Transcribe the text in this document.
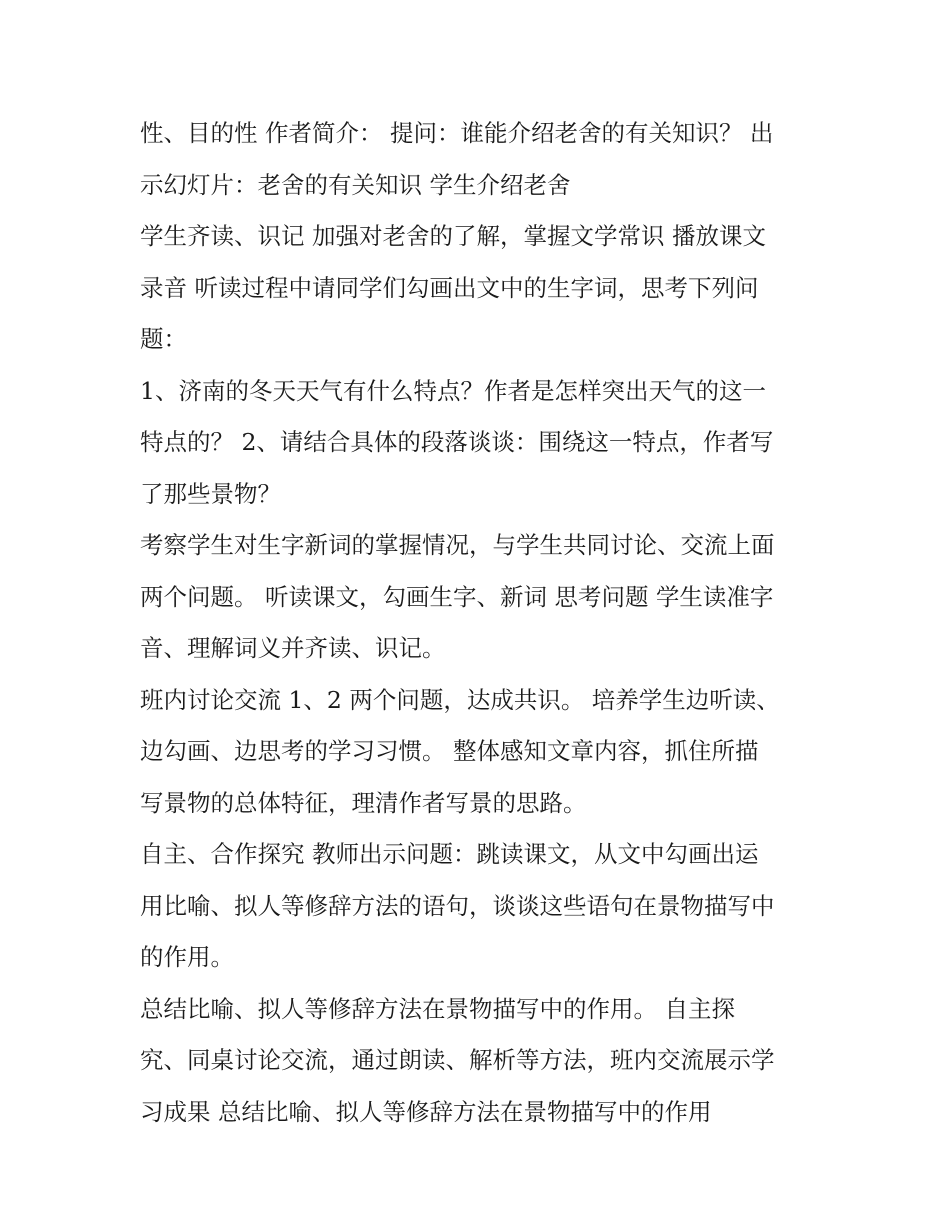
性、目的性 作者简介： 提问：谁能介绍老舍的有关知识？ 出
示幻灯片：老舍的有关知识 学生介绍老舍
学生齐读、识记 加强对老舍的了解，掌握文学常识 播放课文
录音 听读过程中请同学们勾画出文中的生字词，思考下列问
题：
1、济南的冬天天气有什么特点？作者是怎样突出天气的这一
特点的？ 2、请结合具体的段落谈谈：围绕这一特点，作者写
了那些景物？
考察学生对生字新词的掌握情况，与学生共同讨论、交流上面
两个问题。 听读课文，勾画生字、新词 思考问题 学生读准字
音、理解词义并齐读、识记。
班内讨论交流 1、2 两个问题，达成共识。 培养学生边听读、
边勾画、边思考的学习习惯。 整体感知文章内容，抓住所描
写景物的总体特征，理清作者写景的思路。
自主、合作探究 教师出示问题：跳读课文，从文中勾画出运
用比喻、拟人等修辞方法的语句，谈谈这些语句在景物描写中
的作用。
总结比喻、拟人等修辞方法在景物描写中的作用。 自主探
究、同桌讨论交流，通过朗读、解析等方法，班内交流展示学
习成果 总结比喻、拟人等修辞方法在景物描写中的作用
